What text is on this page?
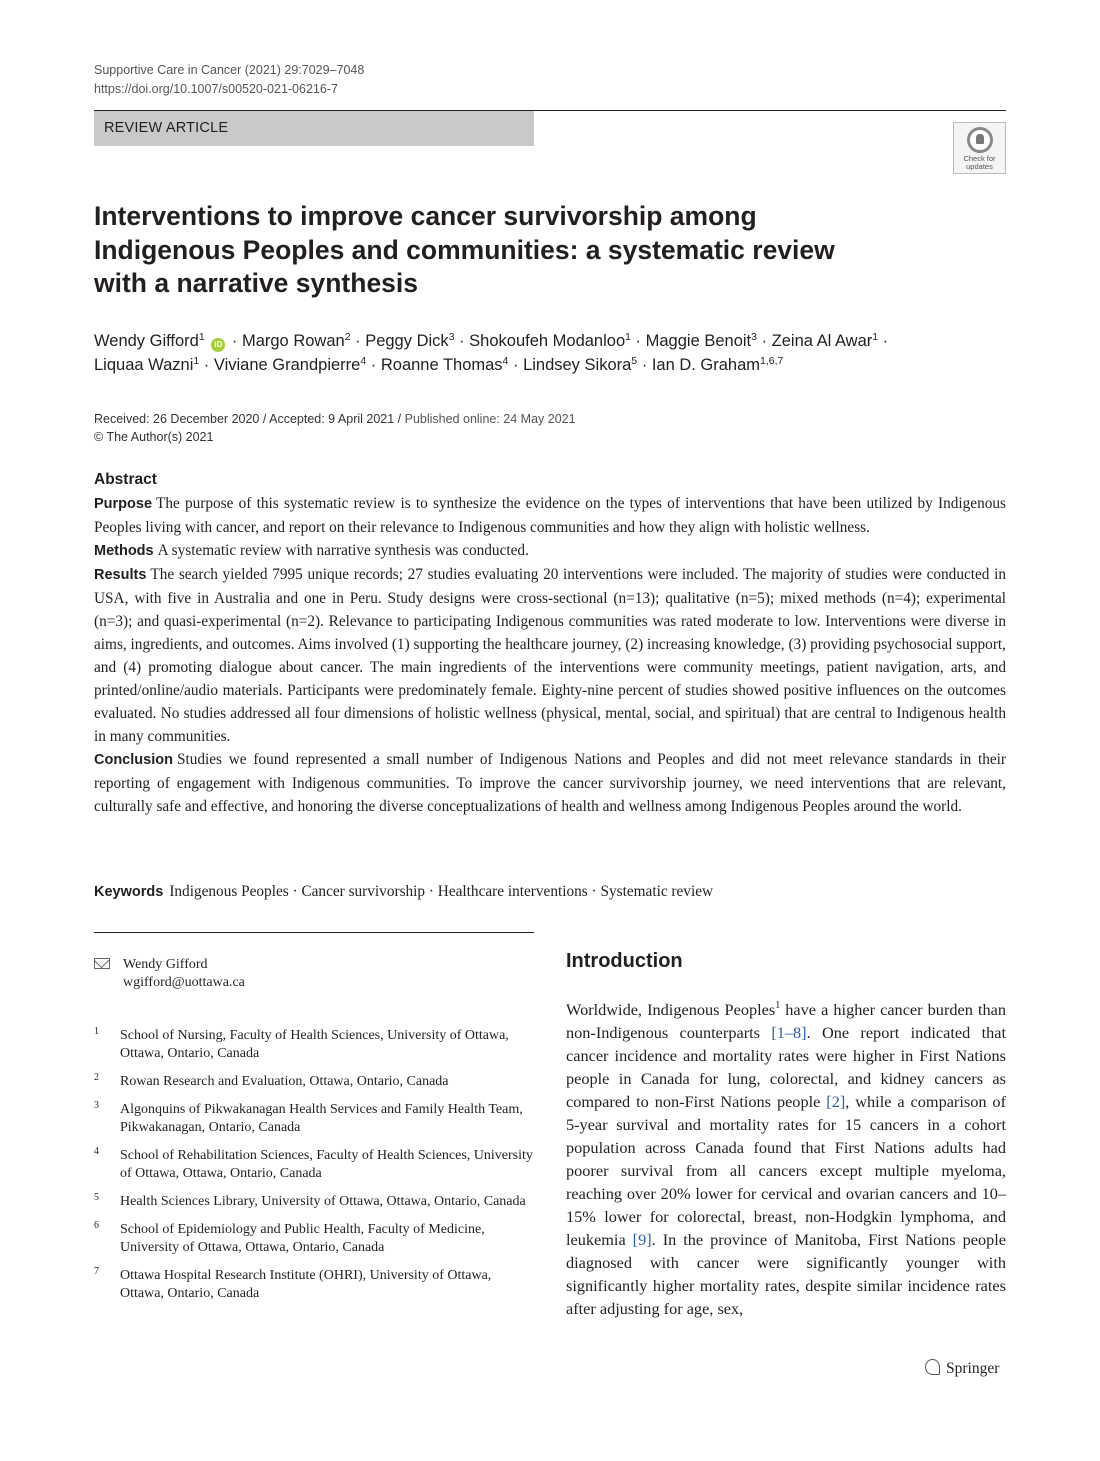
Supportive Care in Cancer (2021) 29:7029–7048
https://doi.org/10.1007/s00520-021-06216-7
REVIEW ARTICLE
Check for
updates
Interventions to improve cancer survivorship among Indigenous Peoples and communities: a systematic review with a narrative synthesis
Wendy Gifford$^1$ iD · Margo Rowan$^2$ · Peggy Dick$^3$ · Shokoufeh Modanloo$^1$ · Maggie Benoit$^3$ · Zeina Al Awar$^1$ ·
Liquaa Wazni$^1$ · Viviane Grandpierre$^4$ · Roanne Thomas$^4$ · Lindsey Sikora$^5$ · Ian D. Graham$^{1,6,7}$
Received: 26 December 2020 / Accepted: 9 April 2021 / Published online: 24 May 2021
© The Author(s) 2021
Abstract

Purpose The purpose of this systematic review is to synthesize the evidence on the types of interventions that have been utilized by Indigenous Peoples living with cancer, and report on their relevance to Indigenous communities and how they align with holistic wellness.

Methods A systematic review with narrative synthesis was conducted.

Results The search yielded 7995 unique records; 27 studies evaluating 20 interventions were included. The majority of studies were conducted in USA, with five in Australia and one in Peru. Study designs were cross-sectional (n=13); qualitative (n=5); mixed methods (n=4); experimental (n=3); and quasi-experimental (n=2). Relevance to participating Indigenous communities was rated moderate to low. Interventions were diverse in aims, ingredients, and outcomes. Aims involved (1) supporting the healthcare journey, (2) increasing knowledge, (3) providing psychosocial support, and (4) promoting dialogue about cancer. The main ingredients of the interventions were community meetings, patient navigation, arts, and printed/online/audio materials. Participants were predominately female. Eighty-nine percent of studies showed positive influences on the outcomes evaluated. No studies addressed all four dimensions of holistic wellness (physical, mental, social, and spiritual) that are central to Indigenous health in many communities.

Conclusion Studies we found represented a small number of Indigenous Nations and Peoples and did not meet relevance standards in their reporting of engagement with Indigenous communities. To improve the cancer survivorship journey, we need interventions that are relevant, culturally safe and effective, and honoring the diverse conceptualizations of health and wellness among Indigenous Peoples around the world.

Keywords Indigenous Peoples · Cancer survivorship · Healthcare interventions · Systematic review
Wendy Gifford
wgifford@uottawa.ca
1 School of Nursing, Faculty of Health Sciences, University of Ottawa, Ottawa, Ontario, Canada
2 Rowan Research and Evaluation, Ottawa, Ontario, Canada
3 Algonquins of Pikwakanagan Health Services and Family Health Team, Pikwakanagan, Ontario, Canada
4 School of Rehabilitation Sciences, Faculty of Health Sciences, University of Ottawa, Ottawa, Ontario, Canada
5 Health Sciences Library, University of Ottawa, Ottawa, Ontario, Canada
6 School of Epidemiology and Public Health, Faculty of Medicine, University of Ottawa, Ottawa, Ontario, Canada
7 Ottawa Hospital Research Institute (OHRI), University of Ottawa, Ottawa, Ontario, Canada
Introduction
Worldwide, Indigenous Peoples$^1$ have a higher cancer burden than non-Indigenous counterparts [1–8]. One report indicated that cancer incidence and mortality rates were higher in First Nations people in Canada for lung, colorectal, and kidney cancers as compared to non-First Nations people [2], while a comparison of 5-year survival and mortality rates for 15 cancers in a cohort population across Canada found that First Nations adults had poorer survival from all cancers except multiple myeloma, reaching over 20% lower for cervical and ovarian cancers and 10–15% lower for colorectal, breast, non-Hodgkin lymphoma, and leukemia [9]. In the province of Manitoba, First Nations people diagnosed with cancer were significantly younger with significantly higher mortality rates, despite similar incidence rates after adjusting for age, sex,
Springer
